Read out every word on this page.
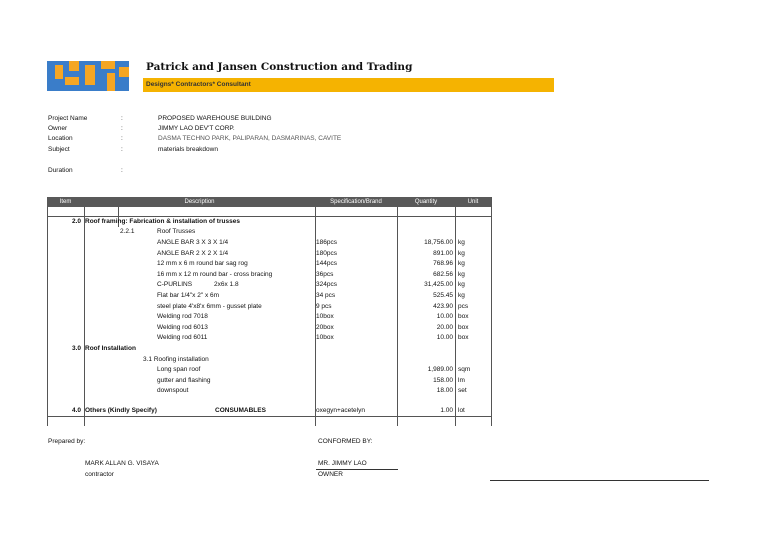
Patrick and Jansen Construction and Trading
Designs* Contractors* Consultant
Project Name	:	PROPOSED WAREHOUSE BUILDING
Owner	:	JIMMY LAO DEV'T CORP.
Location	:	DASMA TECHNO PARK, PALIPARAN, DASMARINAS, CAVITE
Subject	:	materials breakdown
Duration	:
Item	Description	Specification/Brand	Quantity	Unit
2.0 Roof framing: Fabrication & installation of trusses
2.2.1	Roof Trusses
ANGLE BAR 3 X 3 X 1/4	186pcs	18,756.00 kg
ANGLE BAR 2 X 2 X 1/4	180pcs	891.00 kg
12 mm x 6 m round bar sag rog	144pcs	768.96 kg
16 mm x 12 m round bar - cross bracing	36pcs	682.56 kg
C-PURLINS	2x6x 1.8	324pcs	31,425.00 kg
Flat bar 1/4"x 2" x 6m	34 pcs	525.45 kg
steel plate 4'x8'x 6mm - gusset plate	9 pcs	423.90 pcs
Welding rod 7018	10box	10.00 box
Welding rod 6013	20box	20.00 box
Welding rod 6011	10box	10.00 box
3.0 Roof Installation
3.1 Roofing installation
Long span roof	1,989.00 sqm
gutter and flashing	158.00 lm
downspout	18.00 set
4.0 Others (Kindly Specify)	CONSUMABLES	oxegyn+acetelyn	1.00 lot
Prepared by:
MARK ALLAN G. VISAYA
contractor
CONFORMED BY:
MR. JIMMY LAO
OWNER
